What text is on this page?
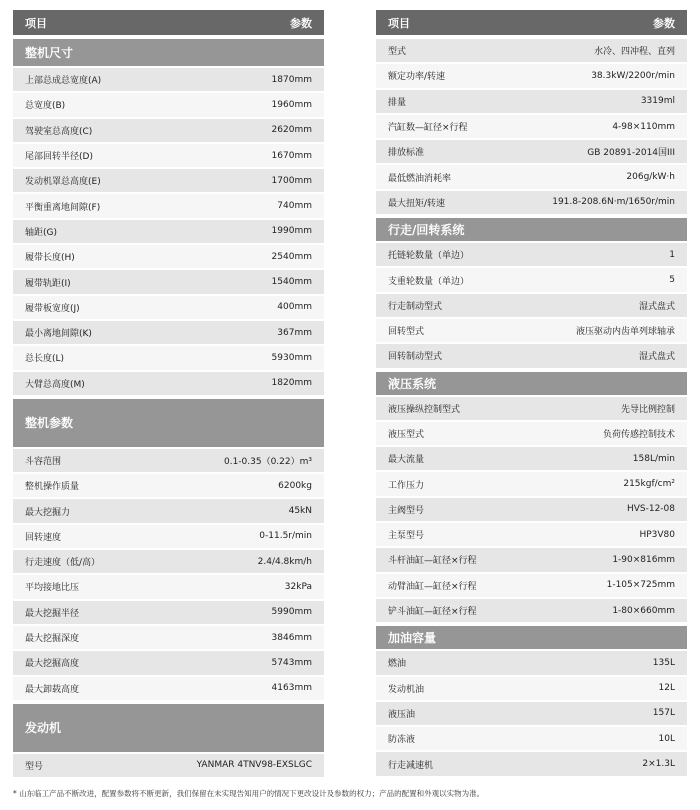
项目	参数
整机尺寸
上部总成总宽度(A)	1870mm
总宽度(B)	1960mm
驾驶室总高度(C)	2620mm
尾部回转半径(D)	1670mm
发动机罩总高度(E)	1700mm
平衡重离地间隙(F)	740mm
轴距(G)	1990mm
履带长度(H)	2540mm
履带轨距(I)	1540mm
履带板宽度(J)	400mm
最小离地间隙(K)	367mm
总长度(L)	5930mm
大臂总高度(M)	1820mm
整机参数
斗容范围	0.1-0.35（0.22）m³
整机操作质量	6200kg
最大挖掘力	45kN
回转速度	0-11.5r/min
行走速度（低/高）	2.4/4.8km/h
平均接地比压	32kPa
最大挖掘半径	5990mm
最大挖掘深度	3846mm
最大挖掘高度	5743mm
最大卸载高度	4163mm
发动机
型号	YANMAR 4TNV98-EXSLGC
项目	参数
型式	水冷、四冲程、直列
额定功率/转速	38.3kW/2200r/min
排量	3319ml
汽缸数—缸径×行程	4-98×110mm
排放标准	GB 20891-2014国III
最低燃油消耗率	206g/kW·h
最大扭矩/转速	191.8-208.6N·m/1650r/min
行走/回转系统
托链轮数量（单边）	1
支重轮数量（单边）	5
行走制动型式	湿式盘式
回转型式	液压驱动内齿单列球轴承
回转制动型式	湿式盘式
液压系统
液压操纵控制型式	先导比例控制
液压型式	负荷传感控制技术
最大流量	158L/min
工作压力	215kgf/cm²
主阀型号	HVS-12-08
主泵型号	HP3V80
斗杆油缸—缸径×行程	1-90×816mm
动臂油缸—缸径×行程	1-105×725mm
铲斗油缸—缸径×行程	1-80×660mm
加油容量
燃油	135L
发动机油	12L
液压油	157L
防冻液	10L
行走减速机	2×1.3L
* 山东临工产品不断改进，配置参数将不断更新，我们保留在未实现告知用户的情况下更改设计及参数的权力；产品的配置和外观以实物为准。
